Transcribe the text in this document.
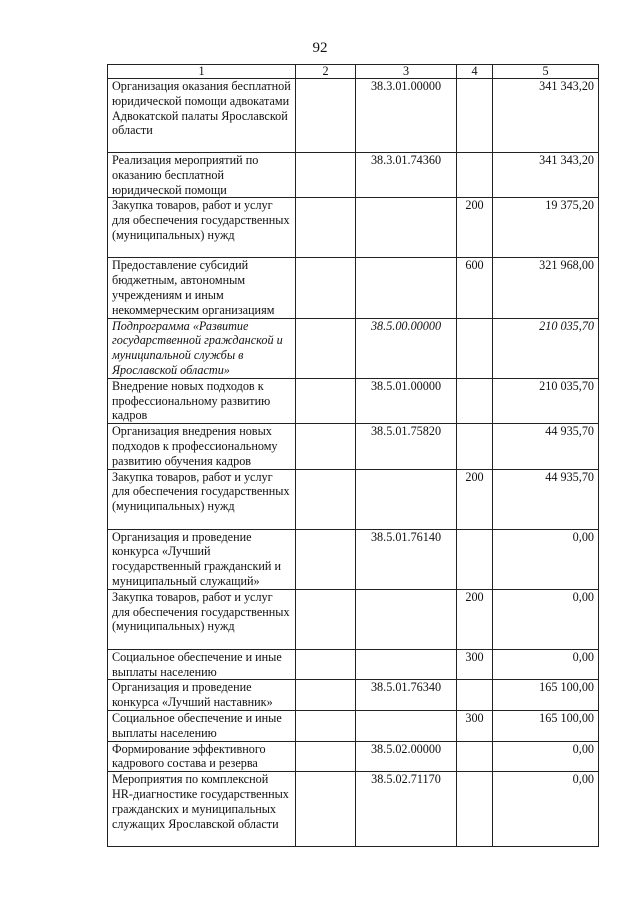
92
1	2	3	4	5
Организация оказания бесплатной юридической помощи адвокатами Адвокатской палаты Ярославской области		38.3.01.00000		341 343,20
Реализация мероприятий по оказанию бесплатной юридической помощи		38.3.01.74360		341 343,20
Закупка товаров, работ и услуг для обеспечения государственных (муниципальных) нужд			200	19 375,20
Предоставление субсидий бюджетным, автономным учреждениям и иным некоммерческим организациям			600	321 968,00
Подпрограмма «Развитие государственной гражданской и муниципальной службы в Ярославской области»		38.5.00.00000		210 035,70
Внедрение новых подходов к профессиональному развитию кадров		38.5.01.00000		210 035,70
Организация внедрения новых подходов к профессиональному развитию обучения кадров		38.5.01.75820		44 935,70
Закупка товаров, работ и услуг для обеспечения государственных (муниципальных) нужд			200	44 935,70
Организация и проведение конкурса «Лучший государственный гражданский и муниципальный служащий»		38.5.01.76140		0,00
Закупка товаров, работ и услуг для обеспечения государственных (муниципальных) нужд			200	0,00
Социальное обеспечение и иные выплаты населению			300	0,00
Организация и проведение конкурса «Лучший наставник»		38.5.01.76340		165 100,00
Социальное обеспечение и иные выплаты населению			300	165 100,00
Формирование эффективного кадрового состава и резерва		38.5.02.00000		0,00
Мероприятия по комплексной HR-диагностике государственных гражданских и муниципальных служащих Ярославской области		38.5.02.71170		0,00
